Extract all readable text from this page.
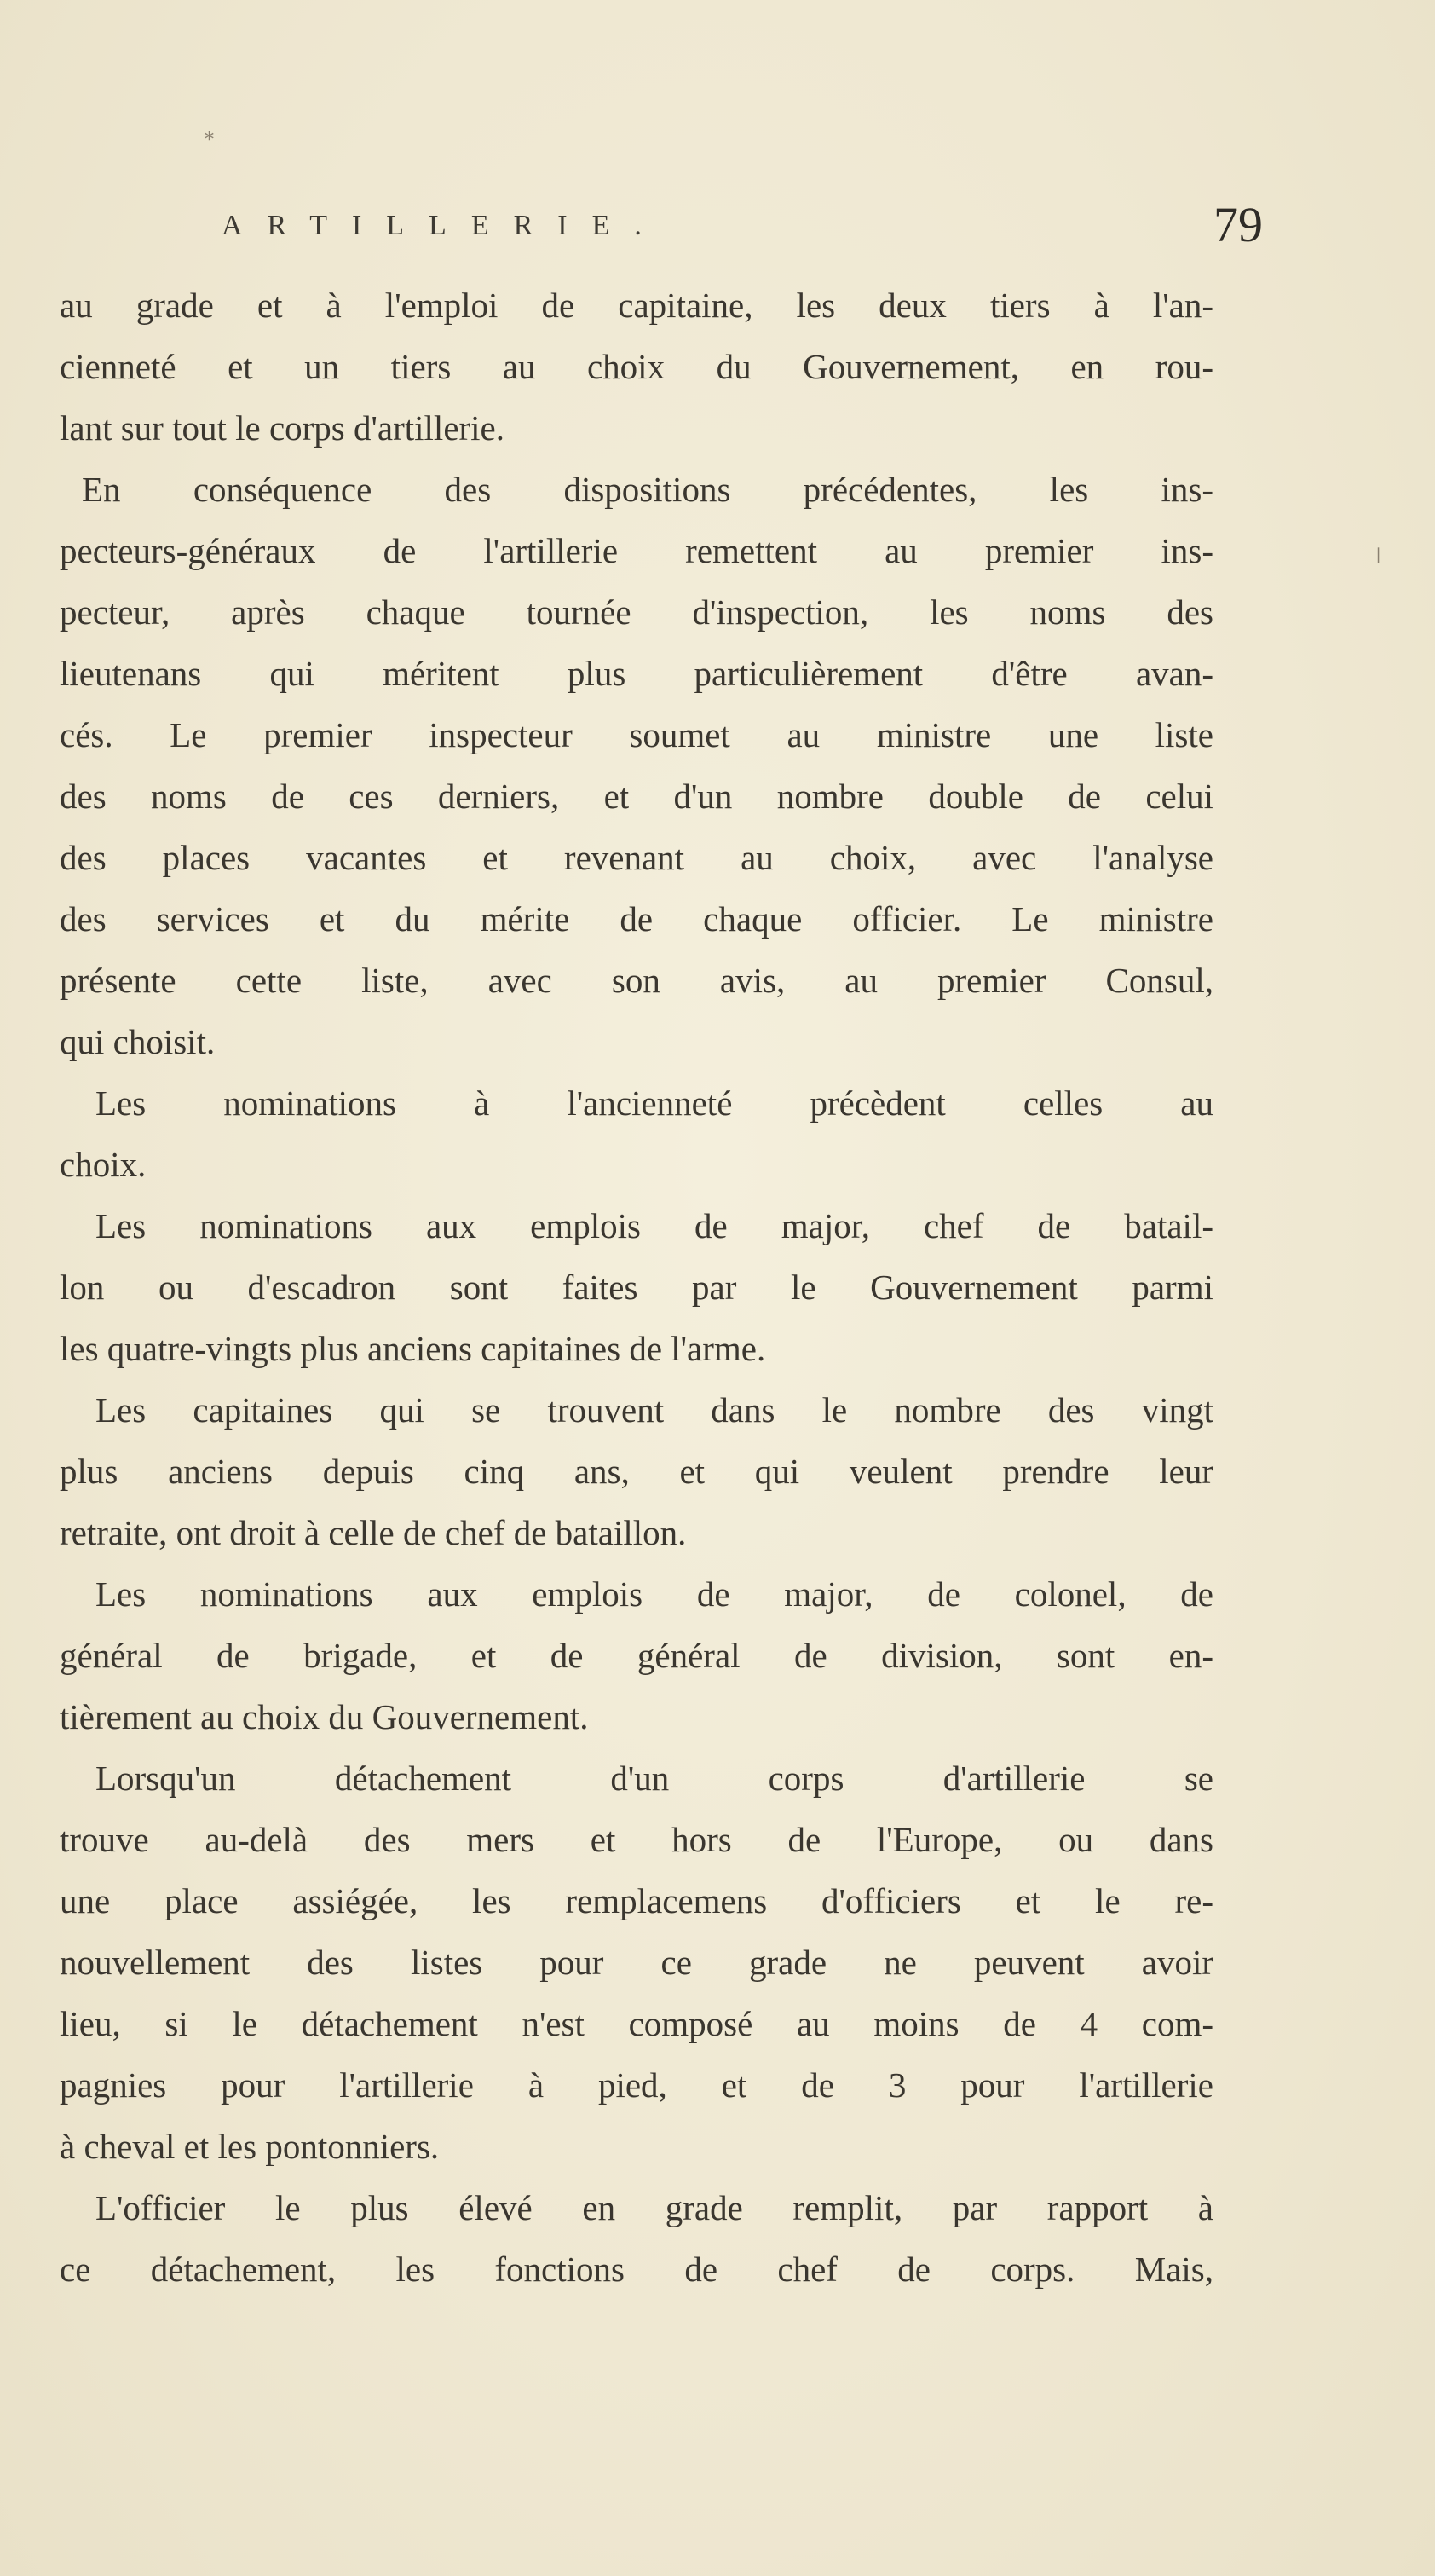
*
ARTILLERIE.	79
❘
au grade et à l'emploi de capitaine, les deux tiers à l'an-
cienneté et un tiers au choix du Gouvernement, en rou-
lant sur tout le corps d'artillerie.
En conséquence des dispositions précédentes, les ins-
pecteurs-généraux de l'artillerie remettent au premier ins-
pecteur, après chaque tournée d'inspection, les noms des
lieutenans qui méritent plus particulièrement d'être avan-
cés. Le premier inspecteur soumet au ministre une liste
des noms de ces derniers, et d'un nombre double de celui
des places vacantes et revenant au choix, avec l'analyse
des services et du mérite de chaque officier. Le ministre
présente cette liste, avec son avis, au premier Consul,
qui choisit.
Les nominations à l'ancienneté précèdent celles au
choix.
Les nominations aux emplois de major, chef de batail-
lon ou d'escadron sont faites par le Gouvernement parmi
les quatre-vingts plus anciens capitaines de l'arme.
Les capitaines qui se trouvent dans le nombre des vingt
plus anciens depuis cinq ans, et qui veulent prendre leur
retraite, ont droit à celle de chef de bataillon.
Les nominations aux emplois de major, de colonel, de
général de brigade, et de général de division, sont en-
tièrement au choix du Gouvernement.
Lorsqu'un détachement d'un corps d'artillerie se
trouve au-delà des mers et hors de l'Europe, ou dans
une place assiégée, les remplacemens d'officiers et le re-
nouvellement des listes pour ce grade ne peuvent avoir
lieu, si le détachement n'est composé au moins de 4 com-
pagnies pour l'artillerie à pied, et de 3 pour l'artillerie
à cheval et les pontonniers.
L'officier le plus élevé en grade remplit, par rapport à
ce détachement, les fonctions de chef de corps. Mais,
